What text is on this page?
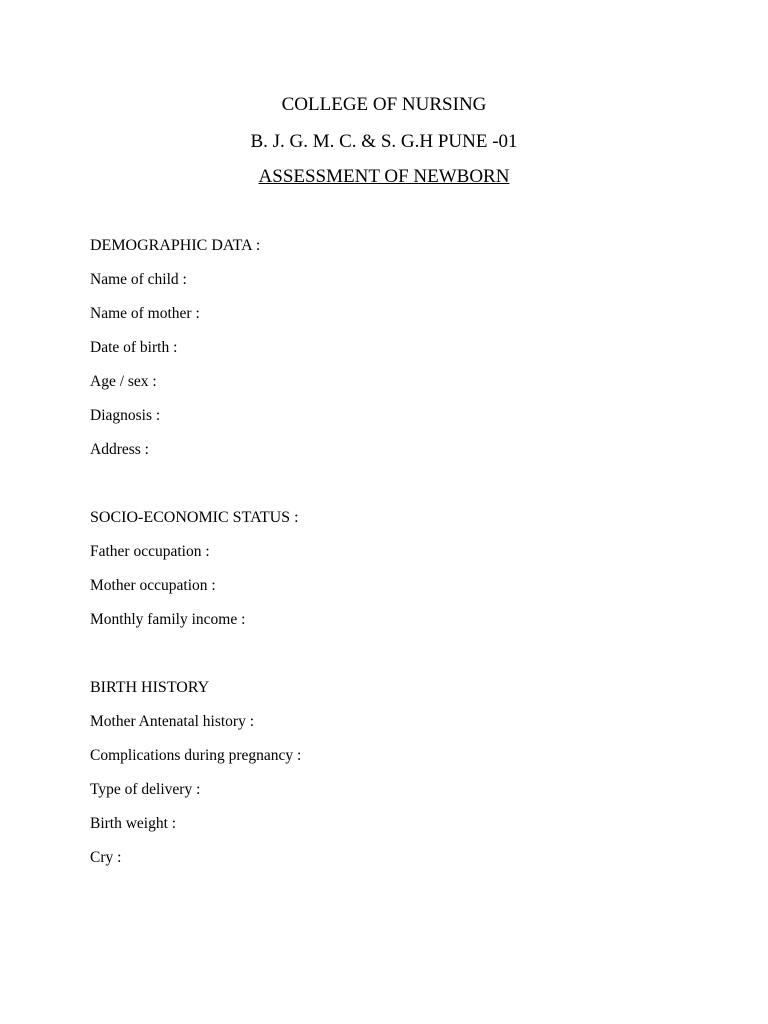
COLLEGE OF NURSING
B. J. G. M. C. & S. G.H PUNE -01
ASSESSMENT OF NEWBORN
DEMOGRAPHIC DATA :
Name of child :
Name of mother :
Date of birth :
Age / sex :
Diagnosis :
Address :
SOCIO-ECONOMIC STATUS :
Father occupation :
Mother occupation :
Monthly family income :
BIRTH HISTORY
Mother Antenatal history :
Complications during pregnancy :
Type of delivery :
Birth weight :
Cry :
